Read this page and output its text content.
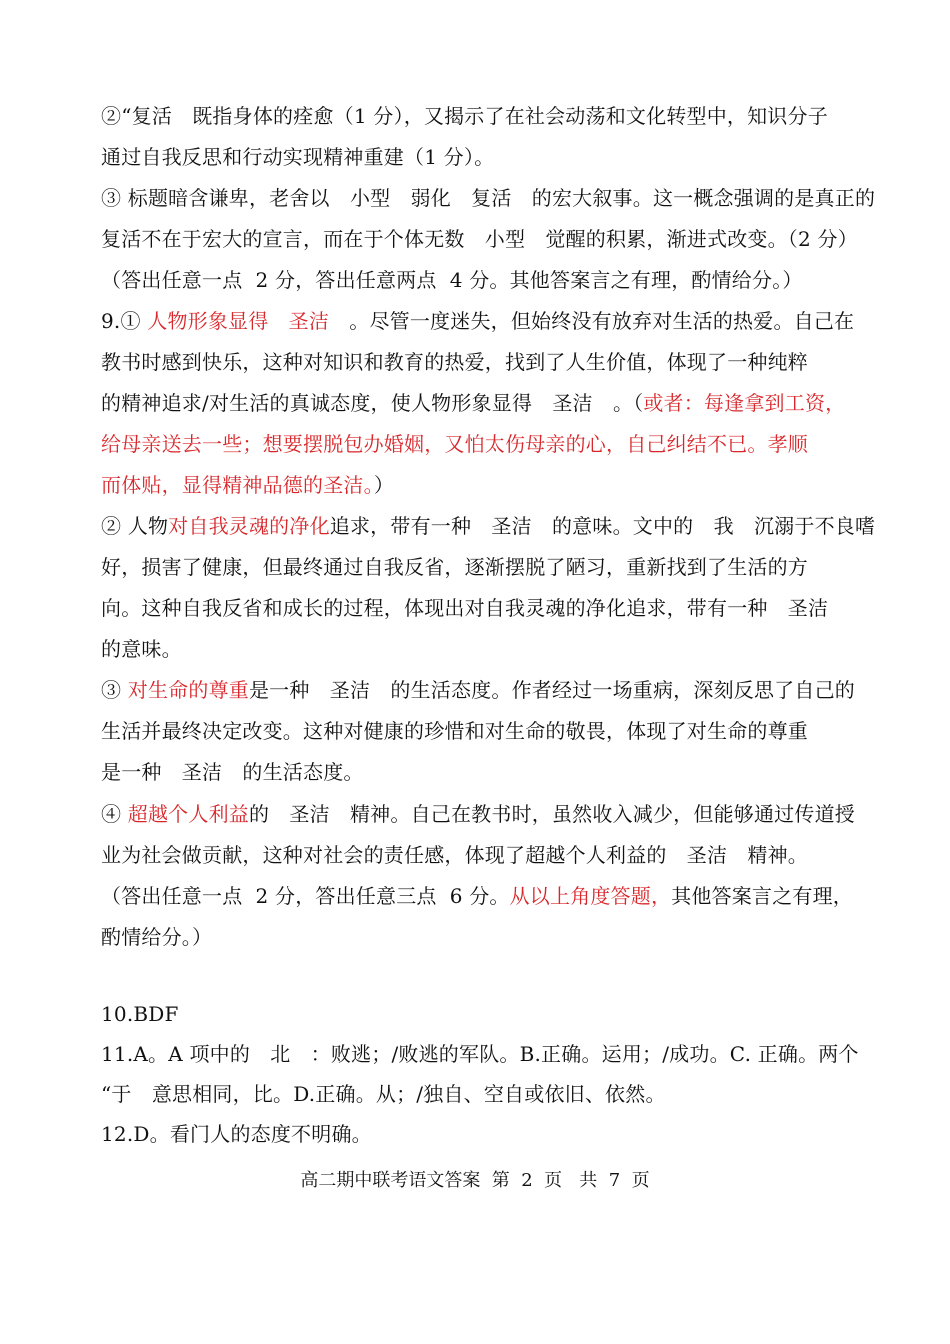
②“复活　既指身体的痊愈（1 分），又揭示了在社会动荡和文化转型中，知识分子
通过自我反思和行动实现精神重建（1 分）。
③ 标题暗含谦卑，老舍以　小型　弱化　复活　的宏大叙事。这一概念强调的是真正的
复活不在于宏大的宣言，而在于个体无数　小型　觉醒的积累，渐进式改变。（2 分）
（答出任意一点  2 分，答出任意两点  4 分。其他答案言之有理，酌情给分。）
9.① 人物形象显得　圣洁　。尽管一度迷失，但始终没有放弃对生活的热爱。自己在
教书时感到快乐，这种对知识和教育的热爱，找到了人生价值，体现了一种纯粹
的精神追求/对生活的真诚态度，使人物形象显得　圣洁　。（或者：每逢拿到工资，
给母亲送去一些；想要摆脱包办婚姻，又怕太伤母亲的心，自己纠结不已。孝顺
而体贴，显得精神品德的圣洁。）
② 人物对自我灵魂的净化追求，带有一种　圣洁　的意味。文中的　我　沉溺于不良嗜
好，损害了健康，但最终通过自我反省，逐渐摆脱了陋习，重新找到了生活的方
向。这种自我反省和成长的过程，体现出对自我灵魂的净化追求，带有一种　圣洁
的意味。
③ 对生命的尊重是一种　圣洁　的生活态度。作者经过一场重病，深刻反思了自己的
生活并最终决定改变。这种对健康的珍惜和对生命的敬畏，体现了对生命的尊重
是一种　圣洁　的生活态度。
④ 超越个人利益的　圣洁　精神。自己在教书时，虽然收入减少，但能够通过传道授
业为社会做贡献，这种对社会的责任感，体现了超越个人利益的　圣洁　精神。
（答出任意一点  2 分，答出任意三点  6 分。从以上角度答题，其他答案言之有理，
酌情给分。）
10.BDF
11.A。A 项中的　北　：败逃；/败逃的军队。B.正确。运用；/成功。C. 正确。两个
“于　意思相同，比。D.正确。从；/独自、空自或依旧、依然。
12.D。看门人的态度不明确。
高二期中联考语文答案  第  2  页   共  7  页
